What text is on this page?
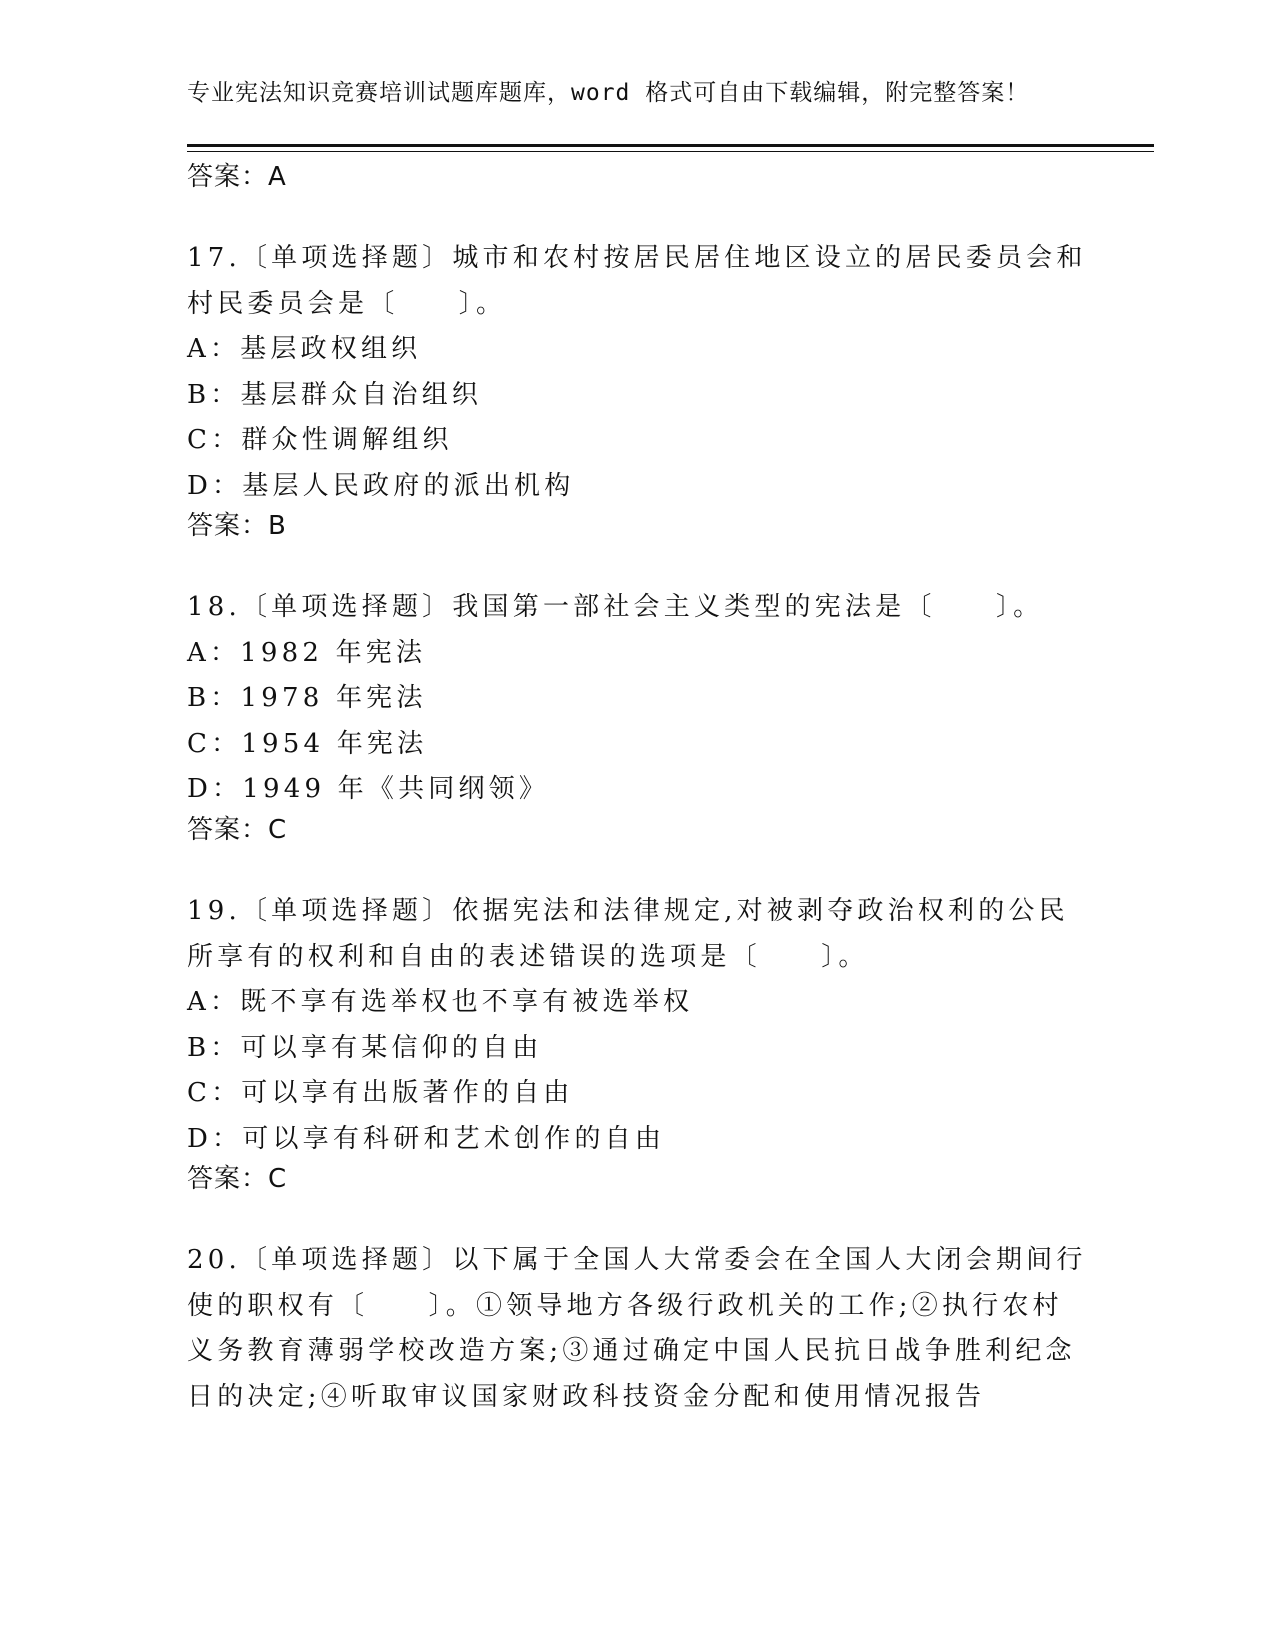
专业宪法知识竞赛培训试题库题库，word 格式可自由下载编辑，附完整答案！
答案：A

17.〔单项选择题〕城市和农村按居民居住地区设立的居民委员会和村民委员会是〔　　〕。

A：基层政权组织
B：基层群众自治组织
C：群众性调解组织
D：基层人民政府的派出机构
答案：B

18.〔单项选择题〕我国第一部社会主义类型的宪法是〔　　〕。

A：1982 年宪法
B：1978 年宪法
C：1954 年宪法
D：1949 年《共同纲领》
答案：C

19.〔单项选择题〕依据宪法和法律规定,对被剥夺政治权利的公民所享有的权利和自由的表述错误的选项是〔　　〕。

A：既不享有选举权也不享有被选举权
B：可以享有某信仰的自由
C：可以享有出版著作的自由
D：可以享有科研和艺术创作的自由
答案：C

20.〔单项选择题〕以下属于全国人大常委会在全国人大闭会期间行使的职权有〔　　〕。①领导地方各级行政机关的工作;②执行农村义务教育薄弱学校改造方案;③通过确定中国人民抗日战争胜利纪念日的决定;④听取审议国家财政科技资金分配和使用情况报告
